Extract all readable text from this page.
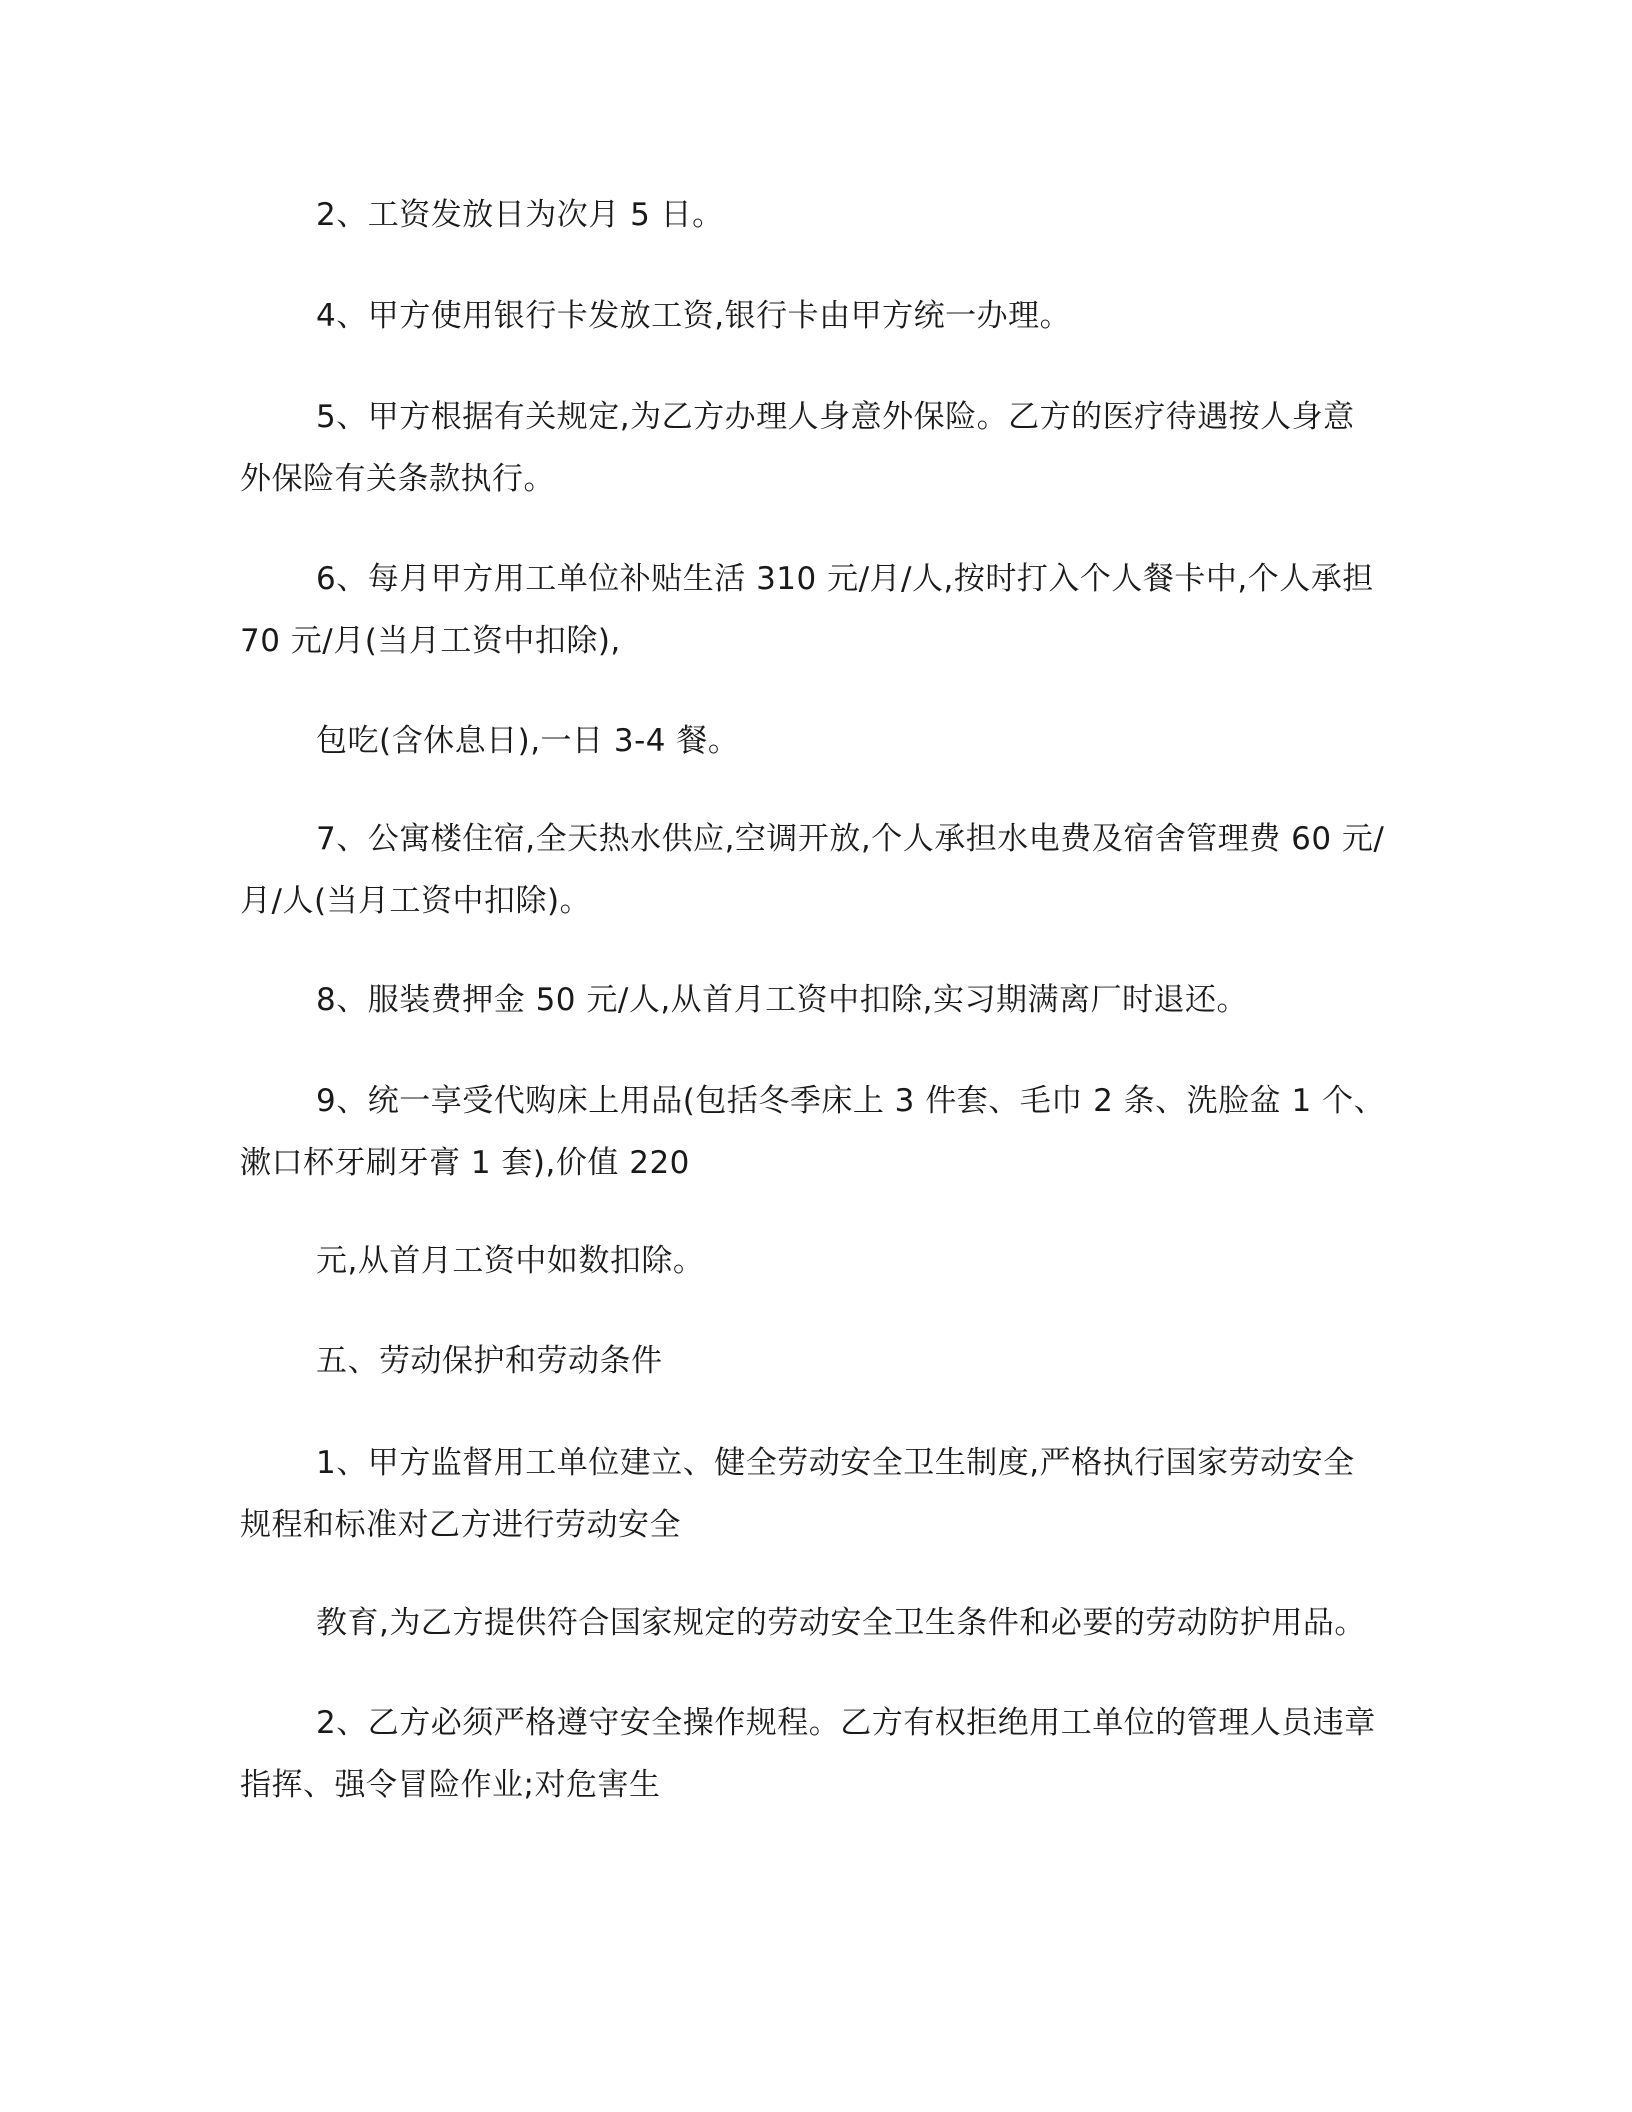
2、工资发放日为次月 5 日。

4、甲方使用银行卡发放工资,银行卡由甲方统一办理。

5、甲方根据有关规定,为乙方办理人身意外保险。乙方的医疗待遇按人身意
外保险有关条款执行。

6、每月甲方用工单位补贴生活 310 元/月/人,按时打入个人餐卡中,个人承担
70 元/月(当月工资中扣除),

包吃(含休息日),一日 3-4 餐。

7、公寓楼住宿,全天热水供应,空调开放,个人承担水电费及宿舍管理费 60 元/
月/人(当月工资中扣除)。

8、服装费押金 50 元/人,从首月工资中扣除,实习期满离厂时退还。

9、统一享受代购床上用品(包括冬季床上 3 件套、毛巾 2 条、洗脸盆 1 个、
漱口杯牙刷牙膏 1 套),价值 220

元,从首月工资中如数扣除。

五、劳动保护和劳动条件

1、甲方监督用工单位建立、健全劳动安全卫生制度,严格执行国家劳动安全
规程和标准对乙方进行劳动安全

教育,为乙方提供符合国家规定的劳动安全卫生条件和必要的劳动防护用品。

2、乙方必须严格遵守安全操作规程。乙方有权拒绝用工单位的管理人员违章
指挥、强令冒险作业;对危害生
